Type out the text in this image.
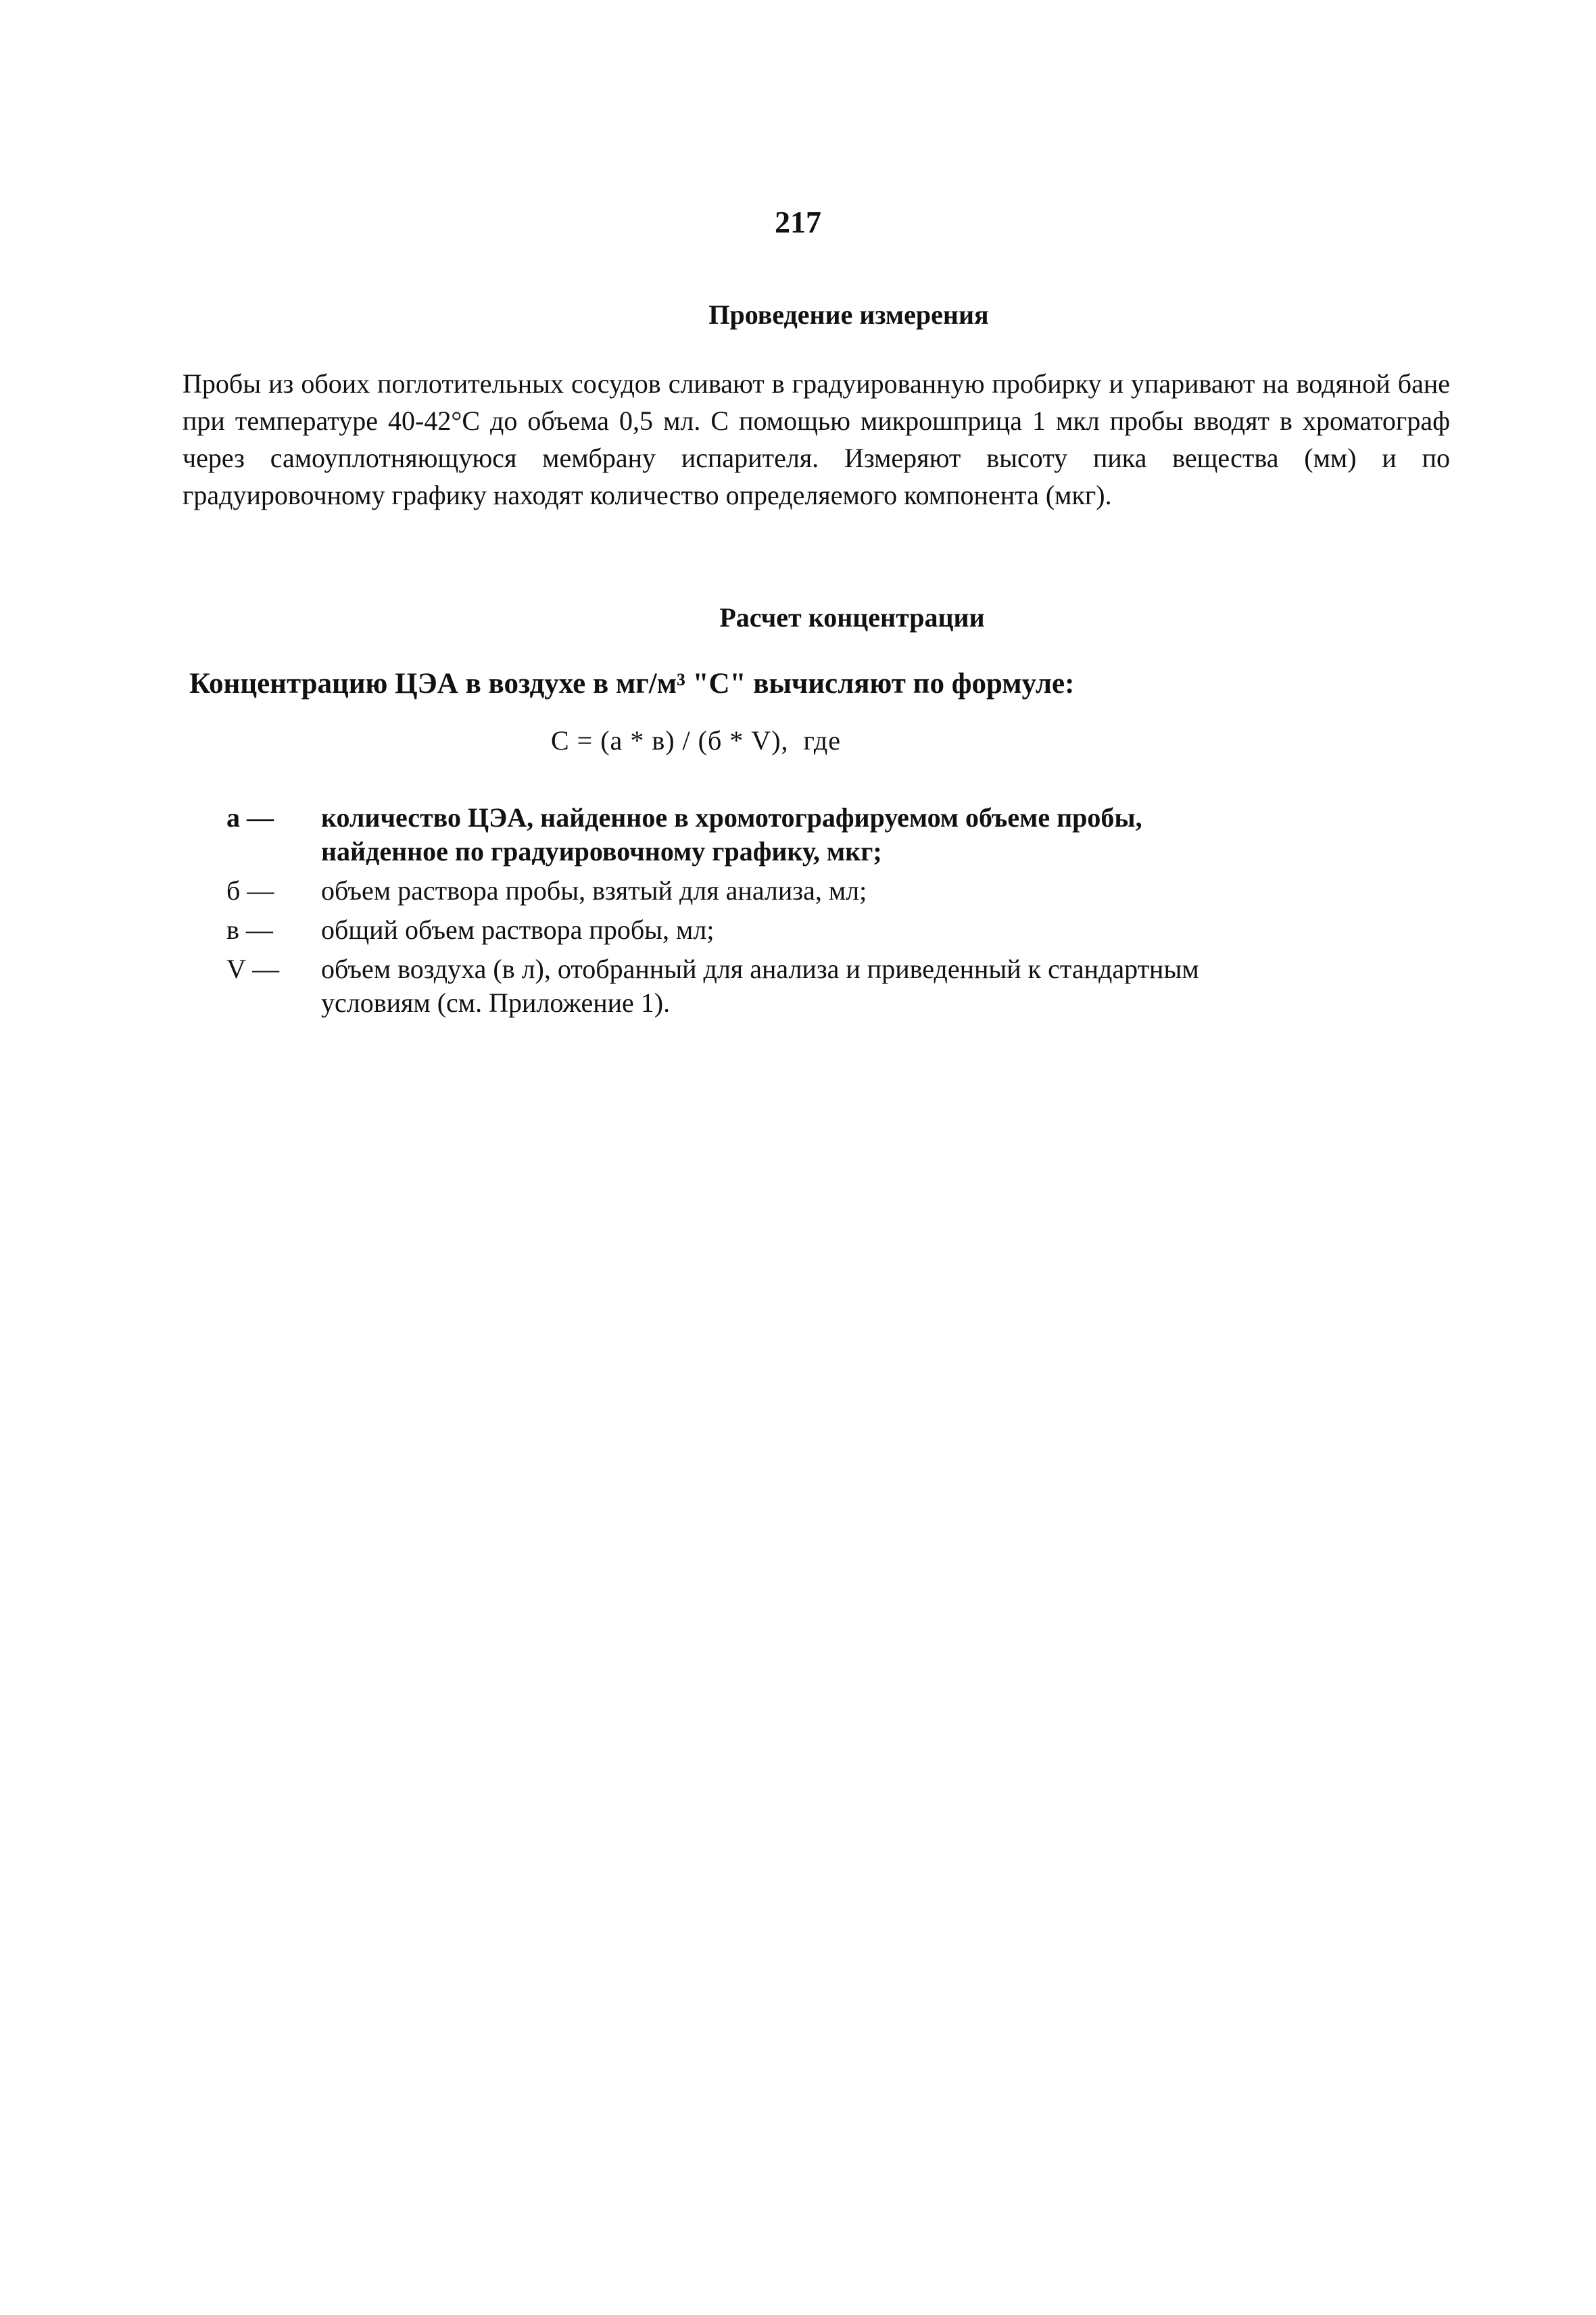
217
Проведение измерения
Пробы из обоих поглотительных сосудов сливают в градуированную пробирку и упаривают на водяной бане при температуре 40-42°C до объема 0,5 мл. С помощью микрошприца 1 мкл пробы вводят в хроматограф через самоуплотняющуюся мембрану испарителя. Измеряют высоту пика вещества (мм) и по градуировочному графику находят количество определяемого компонента (мкг).
Расчет концентрации
Концентрацию ЦЭА в воздухе в мг/м³ "С" вычисляют по формуле:
С = (а * в) / (б * V),  где
а —	количество ЦЭА, найденное в хромотографируемом объеме пробы, найденное по градуировочному графику, мкг;
б —	объем раствора пробы, взятый для анализа, мл;
в —	общий объем раствора пробы, мл;
V —	объем воздуха (в л), отобранный для анализа и приведенный к стандартным условиям (см. Приложение 1).
